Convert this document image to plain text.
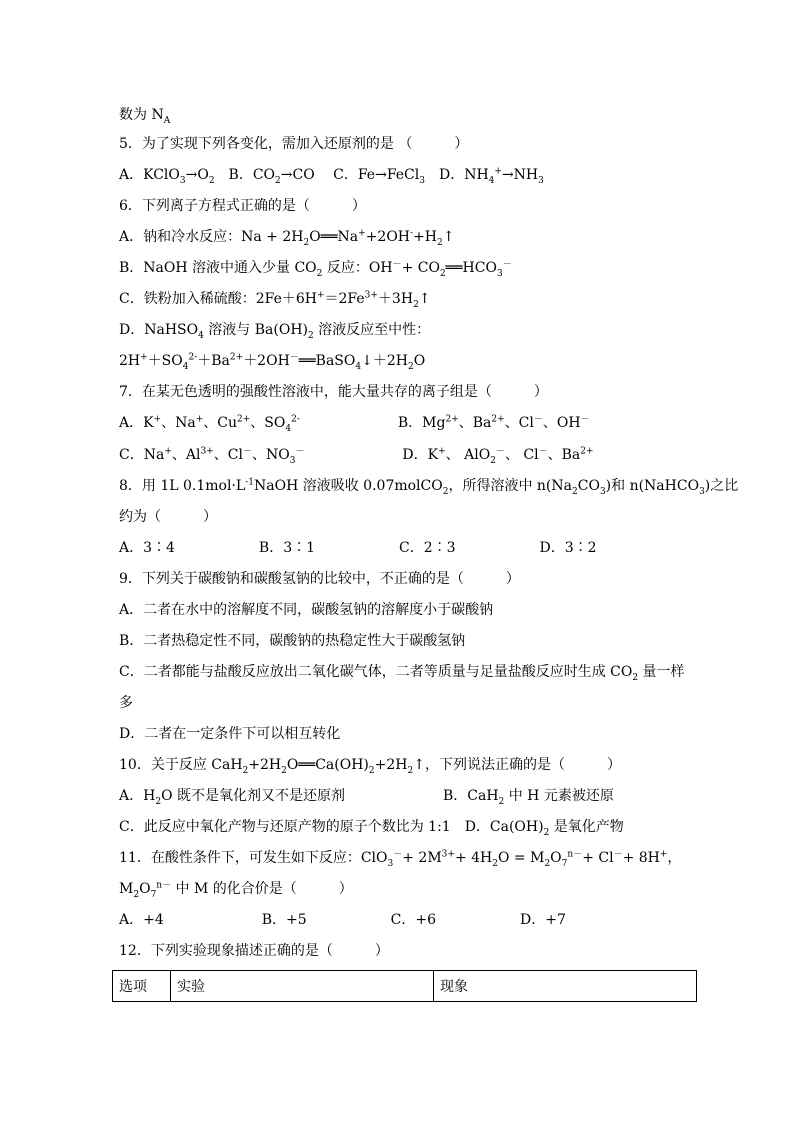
数为 $N_A$
5．为了实现下列各变化，需加入还原剂的是 （　　　）
A．$KClO_3\to O_2$　B．$CO_2\to CO$　 C．Fe→FeCl$_3$　D．$NH_4^+\to NH_3$
6．下列离子方程式正确的是（　　　）
A．钠和冷水反应：$Na + 2H_2O══Na^++2OH^-+H_2↑$
B．NaOH 溶液中通入少量 $CO_2$ 反应：$OH^-+ CO_2══HCO_3^-$
C．铁粉加入稀硫酸：$2Fe+6H^+=2Fe^{3+}+3H_2↑$
D．NaHSO$_4$ 溶液与 $Ba(OH)_2$ 溶液反应至中性：
$2H^++SO_4^{2-}+Ba^{2+}+2OH^-══BaSO_4↓+2H_2O$
7．在某无色透明的强酸性溶液中，能大量共存的离子组是（　　　）
A．K+、Na+、$Cu^{2+}$、$SO_4^{2-}$　　　　　　　B．$Mg^{2+}$、$Ba^{2+}$、Cl－、OH－
C．Na+、$Al^{3+}$、Cl－、$NO_3^-$　　　　　　　D．K+、 AlO$_2$－、 Cl－、$Ba^{2+}$
8．用 1L $0.1mol\cdot L^{-1}NaOH$ 溶液吸收 0.07molCO$_2$，所得溶液中 $n(Na_2CO_3)$和 n(NaHCO$_3$)之比
约为（　　　）
A．3∶4　　　　　　B．3∶1　　　　　　C．2∶3　　　　　　D．3∶2
9．下列关于碳酸钠和碳酸氢钠的比较中，不正确的是（　　　）
A．二者在水中的溶解度不同，碳酸氢钠的溶解度小于碳酸钠
B．二者热稳定性不同，碳酸钠的热稳定性大于碳酸氢钠
C．二者都能与盐酸反应放出二氧化碳气体，二者等质量与足量盐酸反应时生成 $CO_2$ 量一样
多
D．二者在一定条件下可以相互转化
10．关于反应 $CaH_2+2H_2O══Ca(OH)_2+2H_2↑$，下列说法正确的是（　　　）
A．$H_2O$ 既不是氧化剂又不是还原剂　　　　　　　B．CaH$_2$ 中 H 元素被还原
C．此反应中氧化产物与还原产物的原子个数比为 1:1　D．$Ca(OH)_2$ 是氧化产物
11．在酸性条件下，可发生如下反应：$ClO_3^-+ 2M^{3+}+ 4H_2O = M_2O_7^{n-}+ Cl^-+ 8H^+$，
$M_2O_7^{n-}$ 中 M 的化合价是（　　　）
A．+4　　　　　　　B．+5　　　　　　C．+6　　　　　　D．+7
12．下列实验现象描述正确的是（　　　）
选项	实验	现象
